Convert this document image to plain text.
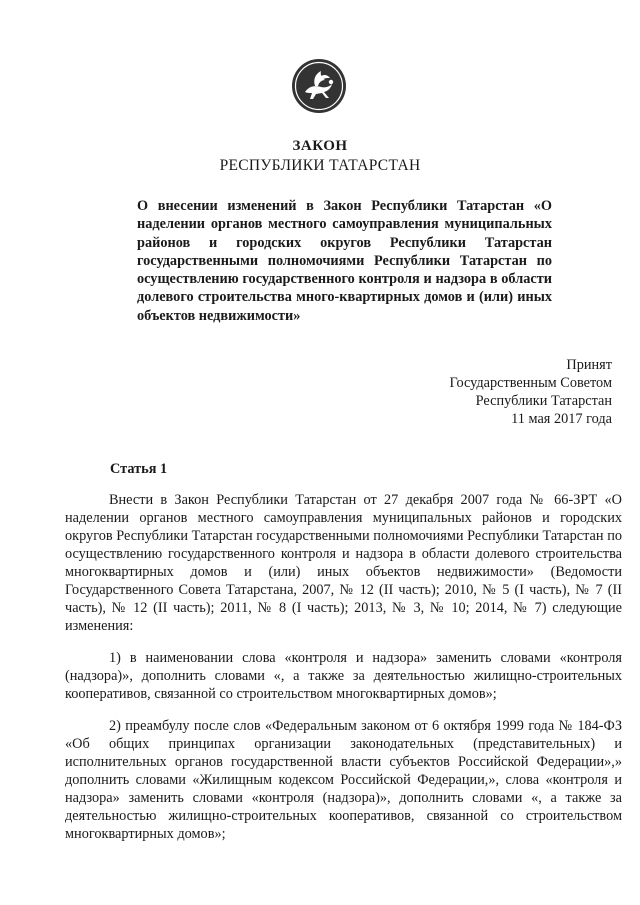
ЗАКОН
РЕСПУБЛИКИ ТАТАРСТАН
О внесении изменений в Закон Республики Татарстан «О наделении органов местного самоуправления муниципальных районов и городских округов Республики Татарстан государственными полномочиями Республики Татарстан по осуществлению государственного контроля и надзора в области долевого строительства много-квартирных домов и (или) иных объектов недвижимости»
Принят
Государственным Советом
Республики Татарстан
11 мая 2017 года
Статья 1

Внести в Закон Республики Татарстан от 27 декабря 2007 года № 66-ЗРТ «О наделении органов местного самоуправления муниципальных районов и городских округов Республики Татарстан государственными полномочиями Республики Татарстан по осуществлению государственного контроля и надзора в области долевого строительства многоквартирных домов и (или) иных объектов недвижимости» (Ведомости Государственного Совета Татарстана, 2007, № 12 (II часть); 2010, № 5 (I часть), № 7 (II часть), № 12 (II часть); 2011, № 8 (I часть); 2013, № 3, № 10; 2014, № 7) следующие изменения:

1) в наименовании слова «контроля и надзора» заменить словами «контроля (надзора)», дополнить словами «, а также за деятельностью жилищно-строительных кооперативов, связанной со строительством многоквартирных домов»;

2) преамбулу после слов «Федеральным законом от 6 октября 1999 года № 184-ФЗ «Об общих принципах организации законодательных (представительных) и исполнительных органов государственной власти субъектов Российской Федерации»,» дополнить словами «Жилищным кодексом Российской Федерации,», слова «контроля и надзора» заменить словами «контроля (надзора)», дополнить словами «, а также за деятельностью жилищно-строительных кооперативов, связанной со строительством многоквартирных домов»;
